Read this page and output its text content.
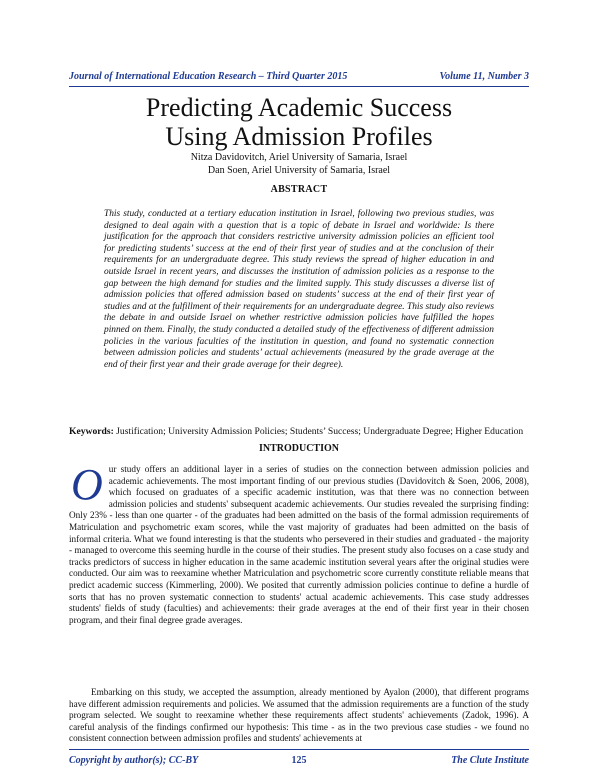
Journal of International Education Research – Third Quarter 2015	Volume 11, Number 3
Predicting Academic Success
Using Admission Profiles
Nitza Davidovitch, Ariel University of Samaria, Israel
Dan Soen, Ariel University of Samaria, Israel
ABSTRACT

This study, conducted at a tertiary education institution in Israel, following two previous studies, was designed to deal again with a question that is a topic of debate in Israel and worldwide: Is there justification for the approach that considers restrictive university admission policies an efficient tool for predicting students’ success at the end of their first year of studies and at the conclusion of their requirements for an undergraduate degree. This study reviews the spread of higher education in and outside Israel in recent years, and discusses the institution of admission policies as a response to the gap between the high demand for studies and the limited supply. This study discusses a diverse list of admission policies that offered admission based on students’ success at the end of their first year of studies and at the fulfillment of their requirements for an undergraduate degree. This study also reviews the debate in and outside Israel on whether restrictive admission policies have fulfilled the hopes pinned on them. Finally, the study conducted a detailed study of the effectiveness of different admission policies in the various faculties of the institution in question, and found no systematic connection between admission policies and students’ actual achievements (measured by the grade average at the end of their first year and their grade average for their degree).

Keywords: Justification; University Admission Policies; Students’ Success; Undergraduate Degree; Higher Education

INTRODUCTION

Our study offers an additional layer in a series of studies on the connection between admission policies and academic achievements. The most important finding of our previous studies (Davidovitch & Soen, 2006, 2008), which focused on graduates of a specific academic institution, was that there was no connection between admission policies and students' subsequent academic achievements. Our studies revealed the surprising finding: Only 23% - less than one quarter - of the graduates had been admitted on the basis of the formal admission requirements of Matriculation and psychometric exam scores, while the vast majority of graduates had been admitted on the basis of informal criteria. What we found interesting is that the students who persevered in their studies and graduated - the majority - managed to overcome this seeming hurdle in the course of their studies. The present study also focuses on a case study and tracks predictors of success in higher education in the same academic institution several years after the original studies were conducted. Our aim was to reexamine whether Matriculation and psychometric score currently constitute reliable means that predict academic success (Kimmerling, 2000). We posited that currently admission policies continue to define a hurdle of sorts that has no proven systematic connection to students' actual academic achievements. This case study addresses students' fields of study (faculties) and achievements: their grade averages at the end of their first year in their chosen program, and their final degree grade averages.

Embarking on this study, we accepted the assumption, already mentioned by Ayalon (2000), that different programs have different admission requirements and policies. We assumed that the admission requirements are a function of the study program selected. We sought to reexamine whether these requirements affect students' achievements (Zadok, 1996). A careful analysis of the findings confirmed our hypothesis: This time - as in the two previous case studies - we found no consistent connection between admission profiles and students' achievements at

Copyright by author(s); CC-BY	125	The Clute Institute
